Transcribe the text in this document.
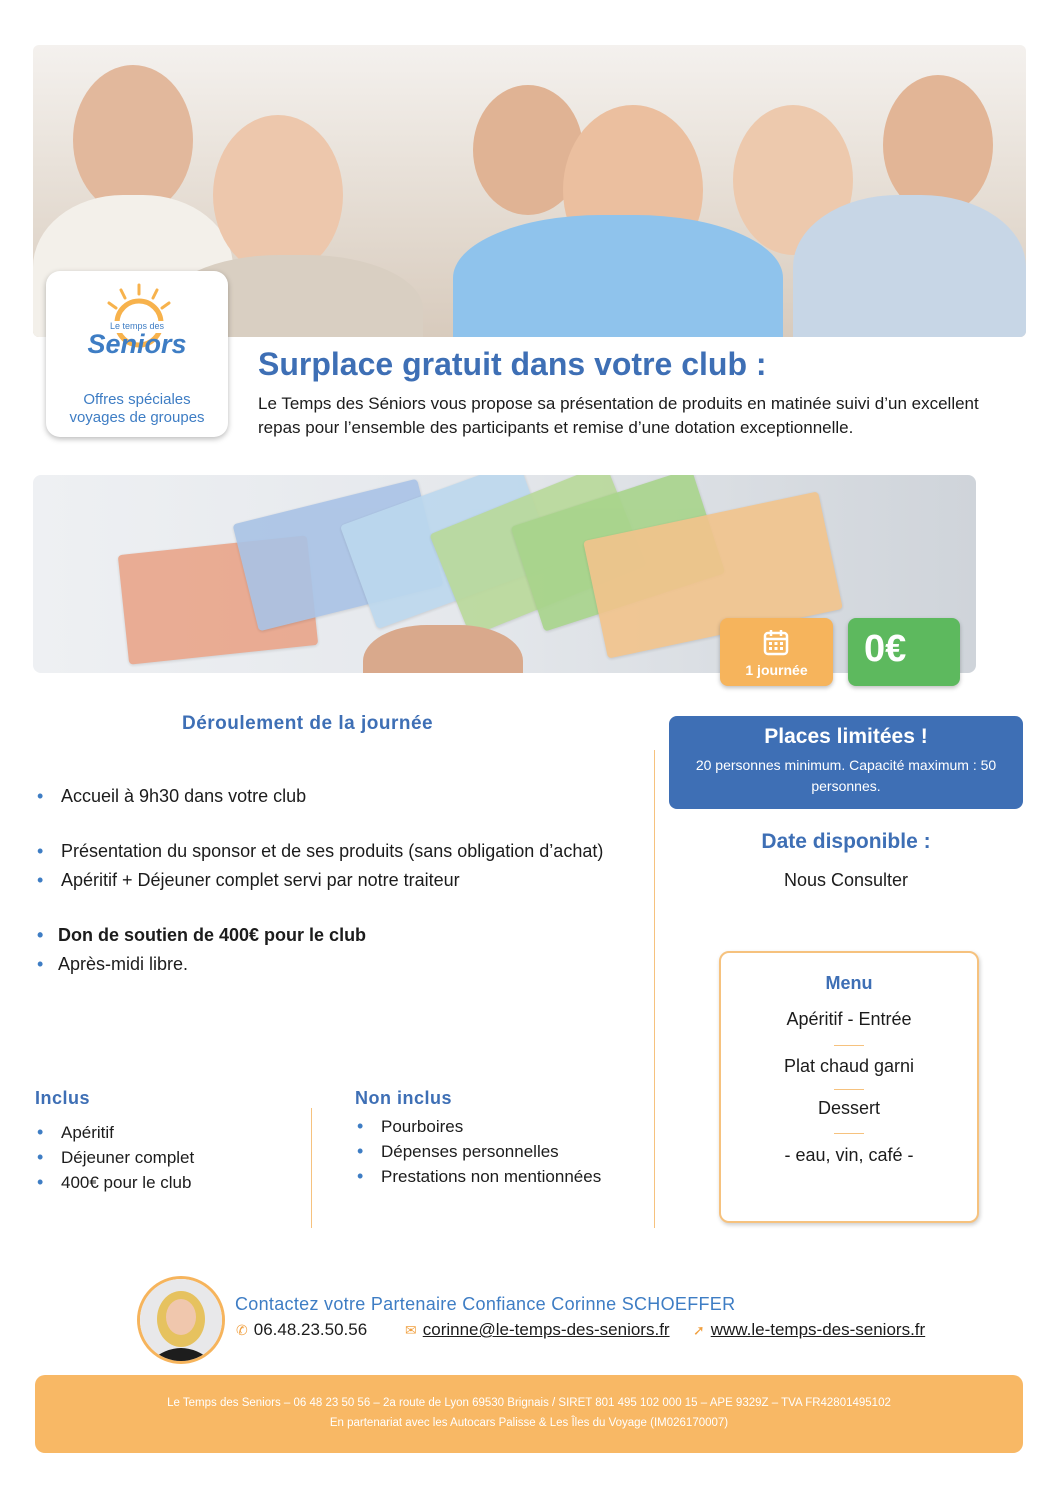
Le temps des
Seniors
Offres spéciales
voyages de groupes
Surplace gratuit dans votre club :
Le Temps des Séniors vous propose sa présentation de produits en matinée suivi d’un excellent repas pour l’ensemble des participants et remise d’une dotation exceptionnelle.
1 journée	0€
Déroulement de la journée
• Accueil à 9h30 dans votre club
• Présentation du sponsor et de ses produits (sans obligation d’achat)
• Apéritif + Déjeuner complet servi par notre traiteur
• Don de soutien de 400€ pour le club
• Après-midi libre.
Inclus
• Apéritif
• Déjeuner complet
• 400€ pour le club
Non inclus
• Pourboires
• Dépenses personnelles
• Prestations non mentionnées
Places limitées !
20 personnes minimum. Capacité maximum : 50 personnes.
Date disponible :
Nous Consulter
Menu
Apéritif - Entrée
Plat chaud garni
Dessert
- eau, vin, café -
Contactez votre Partenaire Confiance Corinne SCHOEFFER
✆ 06.48.23.50.56	✉ corinne@le-temps-des-seniors.fr ➚ www.le-temps-des-seniors.fr
Le Temps des Seniors – 06 48 23 50 56 – 2a route de Lyon 69530 Brignais / SIRET 801 495 102 000 15 – APE 9329Z – TVA FR42801495102
En partenariat avec les Autocars Palisse & Les Îles du Voyage (IM026170007)
